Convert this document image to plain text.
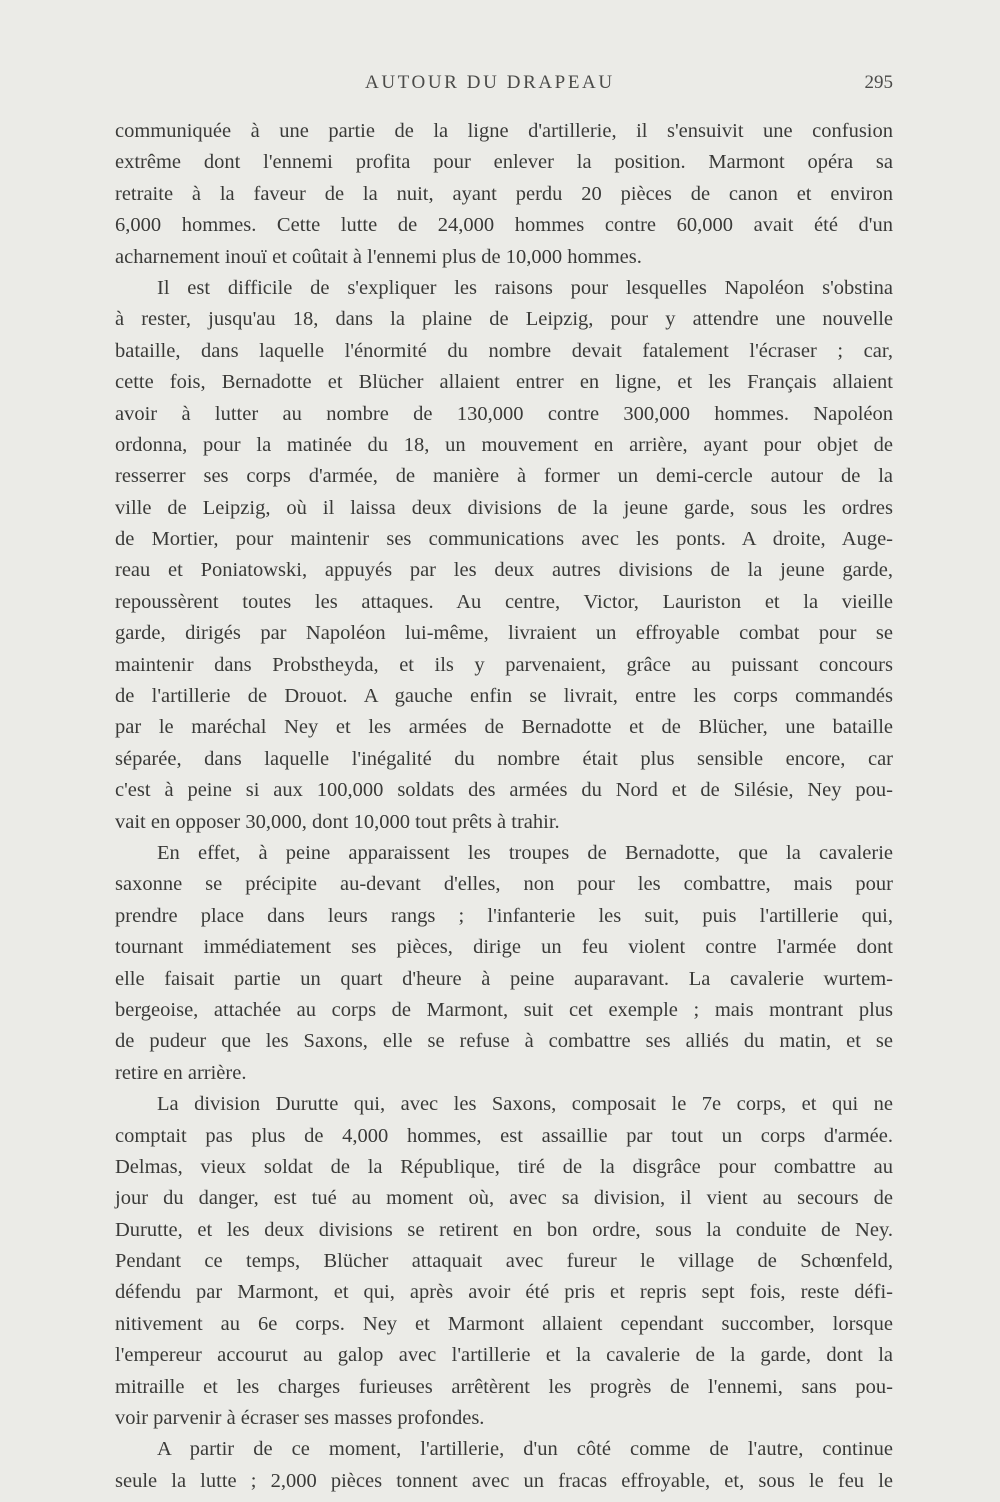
AUTOUR DU DRAPEAU	295
communiquée à une partie de la ligne d'artillerie, il s'ensuivit une confusion
extrême dont l'ennemi profita pour enlever la position. Marmont opéra sa
retraite à la faveur de la nuit, ayant perdu 20 pièces de canon et environ
6,000 hommes. Cette lutte de 24,000 hommes contre 60,000 avait été d'un
acharnement inouï et coûtait à l'ennemi plus de 10,000 hommes.
Il est difficile de s'expliquer les raisons pour lesquelles Napoléon s'obstina
à rester, jusqu'au 18, dans la plaine de Leipzig, pour y attendre une nouvelle
bataille, dans laquelle l'énormité du nombre devait fatalement l'écraser ; car,
cette fois, Bernadotte et Blücher allaient entrer en ligne, et les Français allaient
avoir à lutter au nombre de 130,000 contre 300,000 hommes. Napoléon
ordonna, pour la matinée du 18, un mouvement en arrière, ayant pour objet de
resserrer ses corps d'armée, de manière à former un demi-cercle autour de la
ville de Leipzig, où il laissa deux divisions de la jeune garde, sous les ordres
de Mortier, pour maintenir ses communications avec les ponts. A droite, Auge-
reau et Poniatowski, appuyés par les deux autres divisions de la jeune garde,
repoussèrent toutes les attaques. Au centre, Victor, Lauriston et la vieille
garde, dirigés par Napoléon lui-même, livraient un effroyable combat pour se
maintenir dans Probstheyda, et ils y parvenaient, grâce au puissant concours
de l'artillerie de Drouot. A gauche enfin se livrait, entre les corps commandés
par le maréchal Ney et les armées de Bernadotte et de Blücher, une bataille
séparée, dans laquelle l'inégalité du nombre était plus sensible encore, car
c'est à peine si aux 100,000 soldats des armées du Nord et de Silésie, Ney pou-
vait en opposer 30,000, dont 10,000 tout prêts à trahir.
En effet, à peine apparaissent les troupes de Bernadotte, que la cavalerie
saxonne se précipite au-devant d'elles, non pour les combattre, mais pour
prendre place dans leurs rangs ; l'infanterie les suit, puis l'artillerie qui,
tournant immédiatement ses pièces, dirige un feu violent contre l'armée dont
elle faisait partie un quart d'heure à peine auparavant. La cavalerie wurtem-
bergeoise, attachée au corps de Marmont, suit cet exemple ; mais montrant plus
de pudeur que les Saxons, elle se refuse à combattre ses alliés du matin, et se
retire en arrière.
La division Durutte qui, avec les Saxons, composait le 7e corps, et qui ne
comptait pas plus de 4,000 hommes, est assaillie par tout un corps d'armée.
Delmas, vieux soldat de la République, tiré de la disgrâce pour combattre au
jour du danger, est tué au moment où, avec sa division, il vient au secours de
Durutte, et les deux divisions se retirent en bon ordre, sous la conduite de Ney.
Pendant ce temps, Blücher attaquait avec fureur le village de Schœnfeld,
défendu par Marmont, et qui, après avoir été pris et repris sept fois, reste défi-
nitivement au 6e corps. Ney et Marmont allaient cependant succomber, lorsque
l'empereur accourut au galop avec l'artillerie et la cavalerie de la garde, dont la
mitraille et les charges furieuses arrêtèrent les progrès de l'ennemi, sans pou-
voir parvenir à écraser ses masses profondes.
A partir de ce moment, l'artillerie, d'un côté comme de l'autre, continue
seule la lutte ; 2,000 pièces tonnent avec un fracas effroyable, et, sous le feu le
